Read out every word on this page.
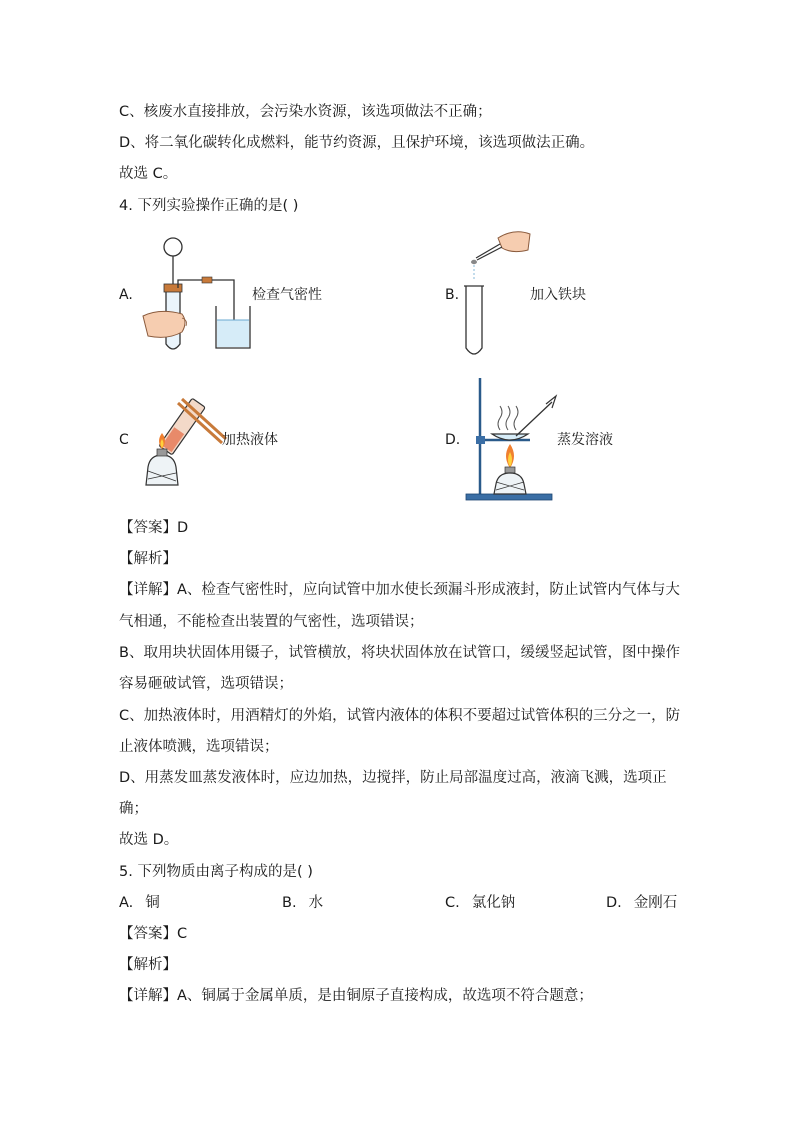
C、核废水直接排放，会污染水资源，该选项做法不正确；
D、将二氧化碳转化成燃料，能节约资源，且保护环境，该选项做法正确。
故选 C。
4. 下列实验操作正确的是( )
A.	检查气密性	B.	加入铁块
C	加热液体	D.	蒸发溶液
【答案】D
【解析】
【详解】A、检查气密性时，应向试管中加水使长颈漏斗形成液封，防止试管内气体与大
气相通，不能检查出装置的气密性，选项错误；
B、取用块状固体用镊子，试管横放，将块状固体放在试管口，缓缓竖起试管，图中操作
容易砸破试管，选项错误；
C、加热液体时，用酒精灯的外焰，试管内液体的体积不要超过试管体积的三分之一，防
止液体喷溅，选项错误；
D、用蒸发皿蒸发液体时，应边加热，边搅拌，防止局部温度过高，液滴飞溅，选项正
确；
故选 D。
5. 下列物质由离子构成的是( )
A. 铜	B. 水	C. 氯化钠	D. 金刚石
【答案】C
【解析】
【详解】A、铜属于金属单质，是由铜原子直接构成，故选项不符合题意；
